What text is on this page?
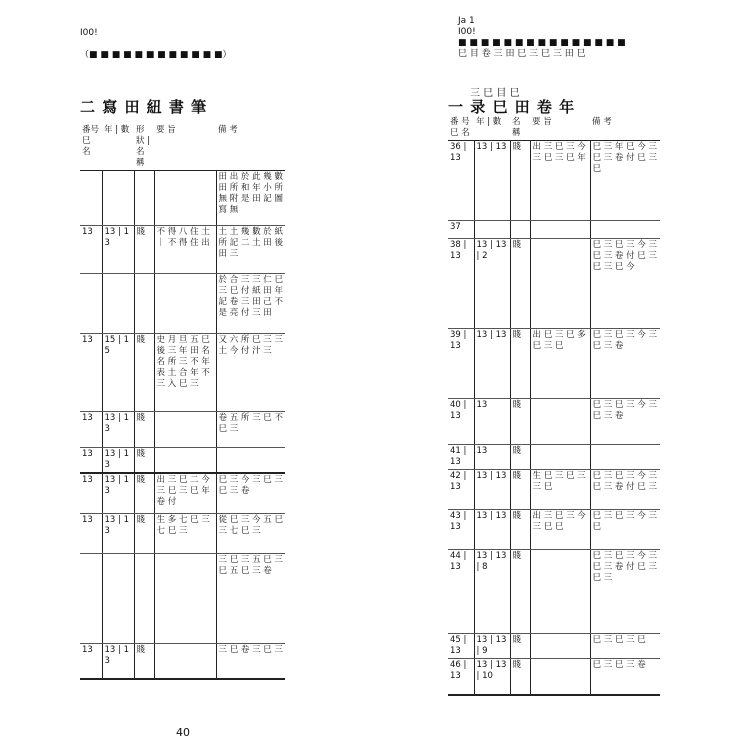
I00!
（■ ■ ■ ■ ■ ■ ■ ■ ■ ■ ■ ■）
二 寫 田 紐 書 筆
番号 巳 名	年 | 數	形 狀 | 名 稱	要 旨	備 考

				田 出 於 此 幾 數 田 所 和 年 小 所 無 附 是 田 記 圖 寫 無

13	13 | 13	賤	不 得 八 住 土 ｜ 不 得 住 出	土 土 幾 數 於 紙 所 記 二 土 田 後 田 三

				於 合 三 三 仁 巳 三 巳 付 紙 田 年 記 卷 三 田 己 不 是 亮 付 三 田

13	15 | 15	賤	史 月 旦 五 巳 後 三 年 田 名 名 所 三 不 年 表 土 合 年 不 三 入 巳 三	又 六 所 巳 三 三 土 今 付 汁 三

13	13 | 13	賤		卷 五 所 三 巳 不 巳 三

13	13 | 13	賤		

13	13 | 13	賤	出 三 巳 二 今 三 巳 三 巳 年 卷 付	巳 三 今 三 巳 三 巳 三 卷

13	13 | 13	賤	生 多 七 巳 三 七 巳 三	從 巳 三 今 五 巳 三 七 巳 三

				三 巳 三 五 巳 三 巳 五 巳 三 卷

13	13 | 13	賤		三 巳 卷 三 巳 三
Ja 1
I00!
■ ■ ■ ■ ■ ■ ■ ■ ■ ■ ■ ■ ■ ■ ■
巳 目 卷 三 田 巳 三 巳 三 田 巳
三 巳 目 巳
一 录 巳 田 卷 年
番 号 巳 名	年 | 數	名 稱	要 旨	備 考

36 | 13	13 | 13	賤	出 三 巳 三 今 三 巳 三 巳 年	巳 三 年 巳 今 三 巳 三 卷 付 巳 三 巳

37				

38 | 13	13 | 13 | 2	賤		巳 三 巳 三 今 三 巳 三 卷 付 巳 三 巳 三 巳 今

39 | 13	13 | 13	賤	出 巳 三 巳 多 巳 三 巳	巳 三 巳 三 今 三 巳 三 卷

40 | 13	13	賤		巳 三 巳 三 今 三 巳 三 卷

41 | 13	13	賤		

42 | 13	13 | 13	賤	生 巳 三 巳 三 三 巳	巳 三 巳 三 今 三 巳 三 卷 付 巳 三

43 | 13	13 | 13	賤	出 三 巳 三 今 三 巳 巳	巳 三 巳 三 今 三 巳

44 | 13	13 | 13 | 8	賤		巳 三 巳 三 今 三 巳 三 卷 付 巳 三 巳 三

45 | 13	13 | 13 | 9	賤		巳 三 巳 三 巳

46 | 13	13 | 13 | 10	賤		巳 三 巳 三 卷
40
